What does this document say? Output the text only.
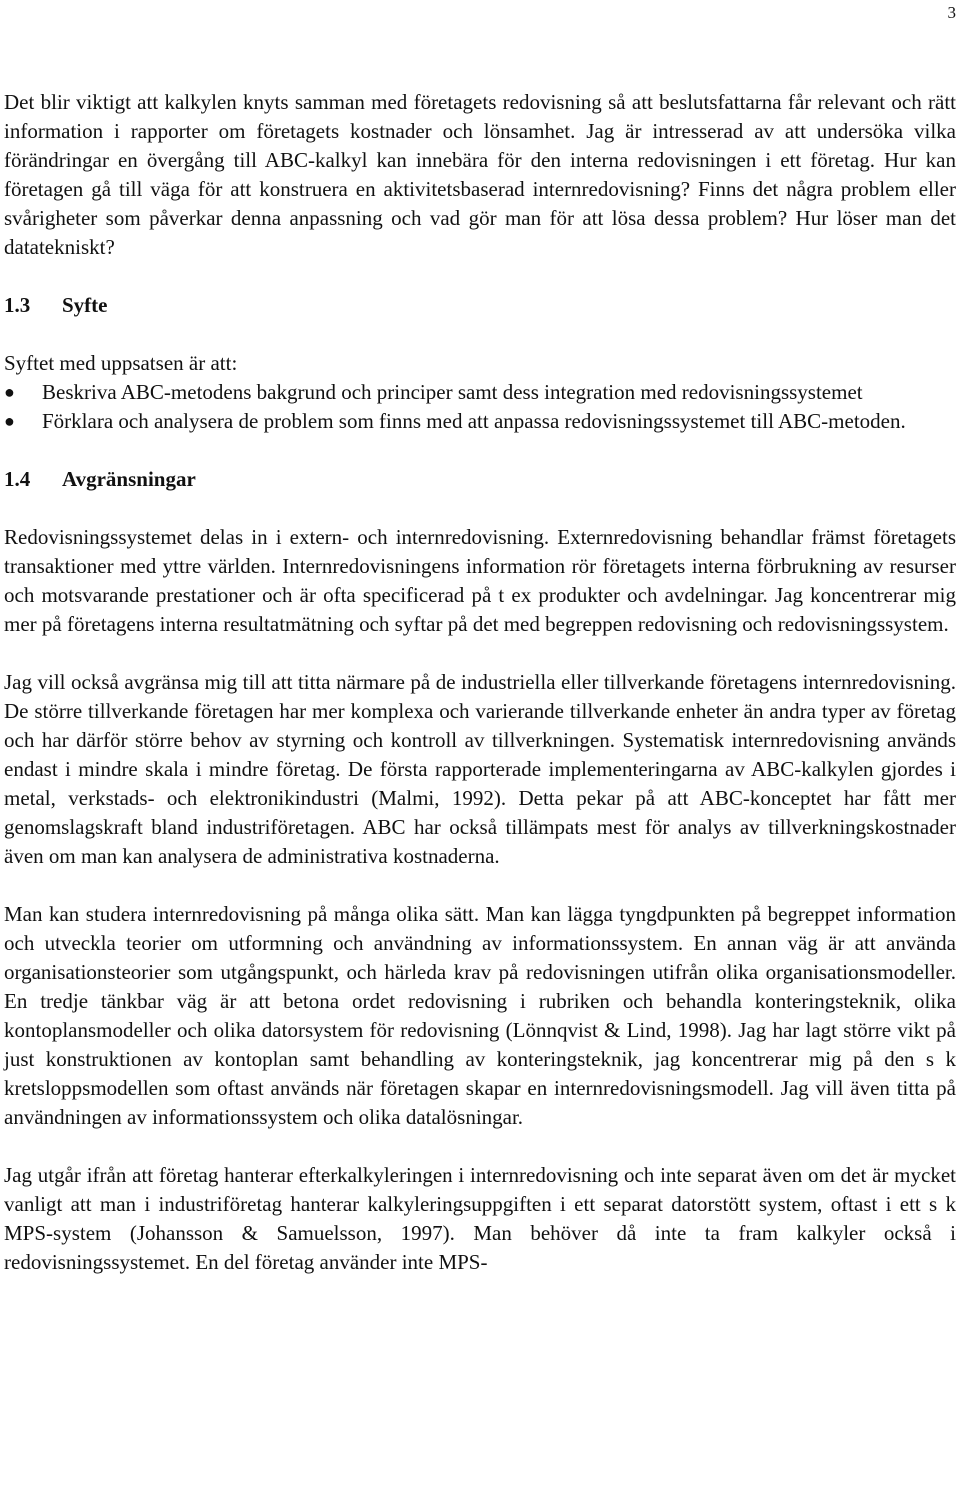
3

Det blir viktigt att kalkylen knyts samman med företagets redovisning så att beslutsfattarna får relevant och rätt information i rapporter om företagets kostnader och lönsamhet. Jag är intresserad av att undersöka vilka förändringar en övergång till ABC-kalkyl kan innebära för den interna redovisningen i ett företag. Hur kan företagen gå till väga för att konstruera en aktivitetsbaserad internredovisning? Finns det några problem eller svårigheter som påverkar denna anpassning och vad gör man för att lösa dessa problem? Hur löser man det datatekniskt?

1.3 Syfte

Syftet med uppsatsen är att:

● Beskriva ABC-metodens bakgrund och principer samt dess integration med redovisningssystemet
● Förklara och analysera de problem som finns med att anpassa redovisningssystemet till ABC-metoden.
1.4 Avgränsningar

Redovisningssystemet delas in i extern- och internredovisning. Externredovisning behandlar främst företagets transaktioner med yttre världen. Internredovisningens information rör företagets interna förbrukning av resurser och motsvarande prestationer och är ofta specificerad på t ex produkter och avdelningar. Jag koncentrerar mig mer på företagens interna resultatmätning och syftar på det med begreppen redovisning och redovisningssystem.

Jag vill också avgränsa mig till att titta närmare på de industriella eller tillverkande företagens internredovisning. De större tillverkande företagen har mer komplexa och varierande tillverkande enheter än andra typer av företag och har därför större behov av styrning och kontroll av tillverkningen. Systematisk internredovisning används endast i mindre skala i mindre företag. De första rapporterade implementeringarna av ABC-kalkylen gjordes i metal, verkstads- och elektronikindustri (Malmi, 1992). Detta pekar på att ABC-konceptet har fått mer genomslagskraft bland industriföretagen. ABC har också tillämpats mest för analys av tillverkningskostnader även om man kan analysera de administrativa kostnaderna.

Man kan studera internredovisning på många olika sätt. Man kan lägga tyngdpunkten på begreppet information och utveckla teorier om utformning och användning av informationssystem. En annan väg är att använda organisationsteorier som utgångspunkt, och härleda krav på redovisningen utifrån olika organisationsmodeller. En tredje tänkbar väg är att betona ordet redovisning i rubriken och behandla konteringsteknik, olika kontoplansmodeller och olika datorsystem för redovisning (Lönnqvist & Lind, 1998). Jag har lagt större vikt på just konstruktionen av kontoplan samt behandling av konteringsteknik, jag koncentrerar mig på den s k kretsloppsmodellen som oftast används när företagen skapar en internredovisningsmodell. Jag vill även titta på användningen av informationssystem och olika datalösningar.

Jag utgår ifrån att företag hanterar efterkalkyleringen i internredovisning och inte separat även om det är mycket vanligt att man i industriföretag hanterar kalkyleringsuppgiften i ett separat datorstött system, oftast i ett s k MPS-system (Johansson & Samuelsson, 1997). Man behöver då inte ta fram kalkyler också i redovisningssystemet. En del företag använder inte MPS-
